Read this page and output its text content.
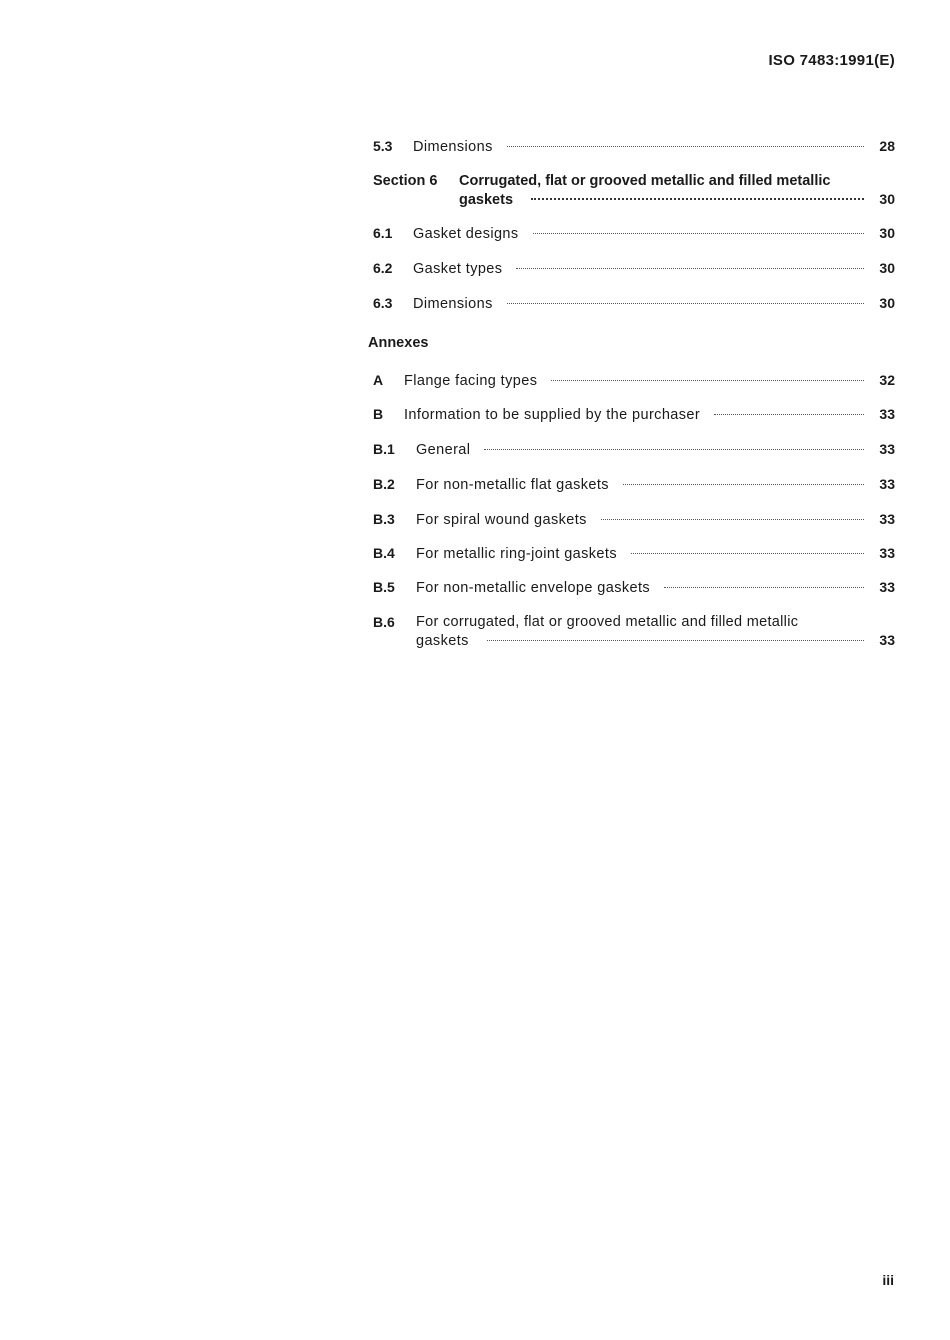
ISO 7483:1991(E)
5.3 Dimensions	28
Section 6	Corrugated, flat or grooved metallic and filled metallic
gaskets	30
6.1 Gasket designs	30
6.2 Gasket types	30
6.3 Dimensions	30
Annexes
A Flange facing types	32
B Information to be supplied by the purchaser	33
B.1 General	33
B.2 For non-metallic flat gaskets	33
B.3 For spiral wound gaskets	33
B.4 For metallic ring-joint gaskets	33
B.5 For non-metallic envelope gaskets	33
B.6	For corrugated, flat or grooved metallic and filled metallic
gaskets	33
iii
